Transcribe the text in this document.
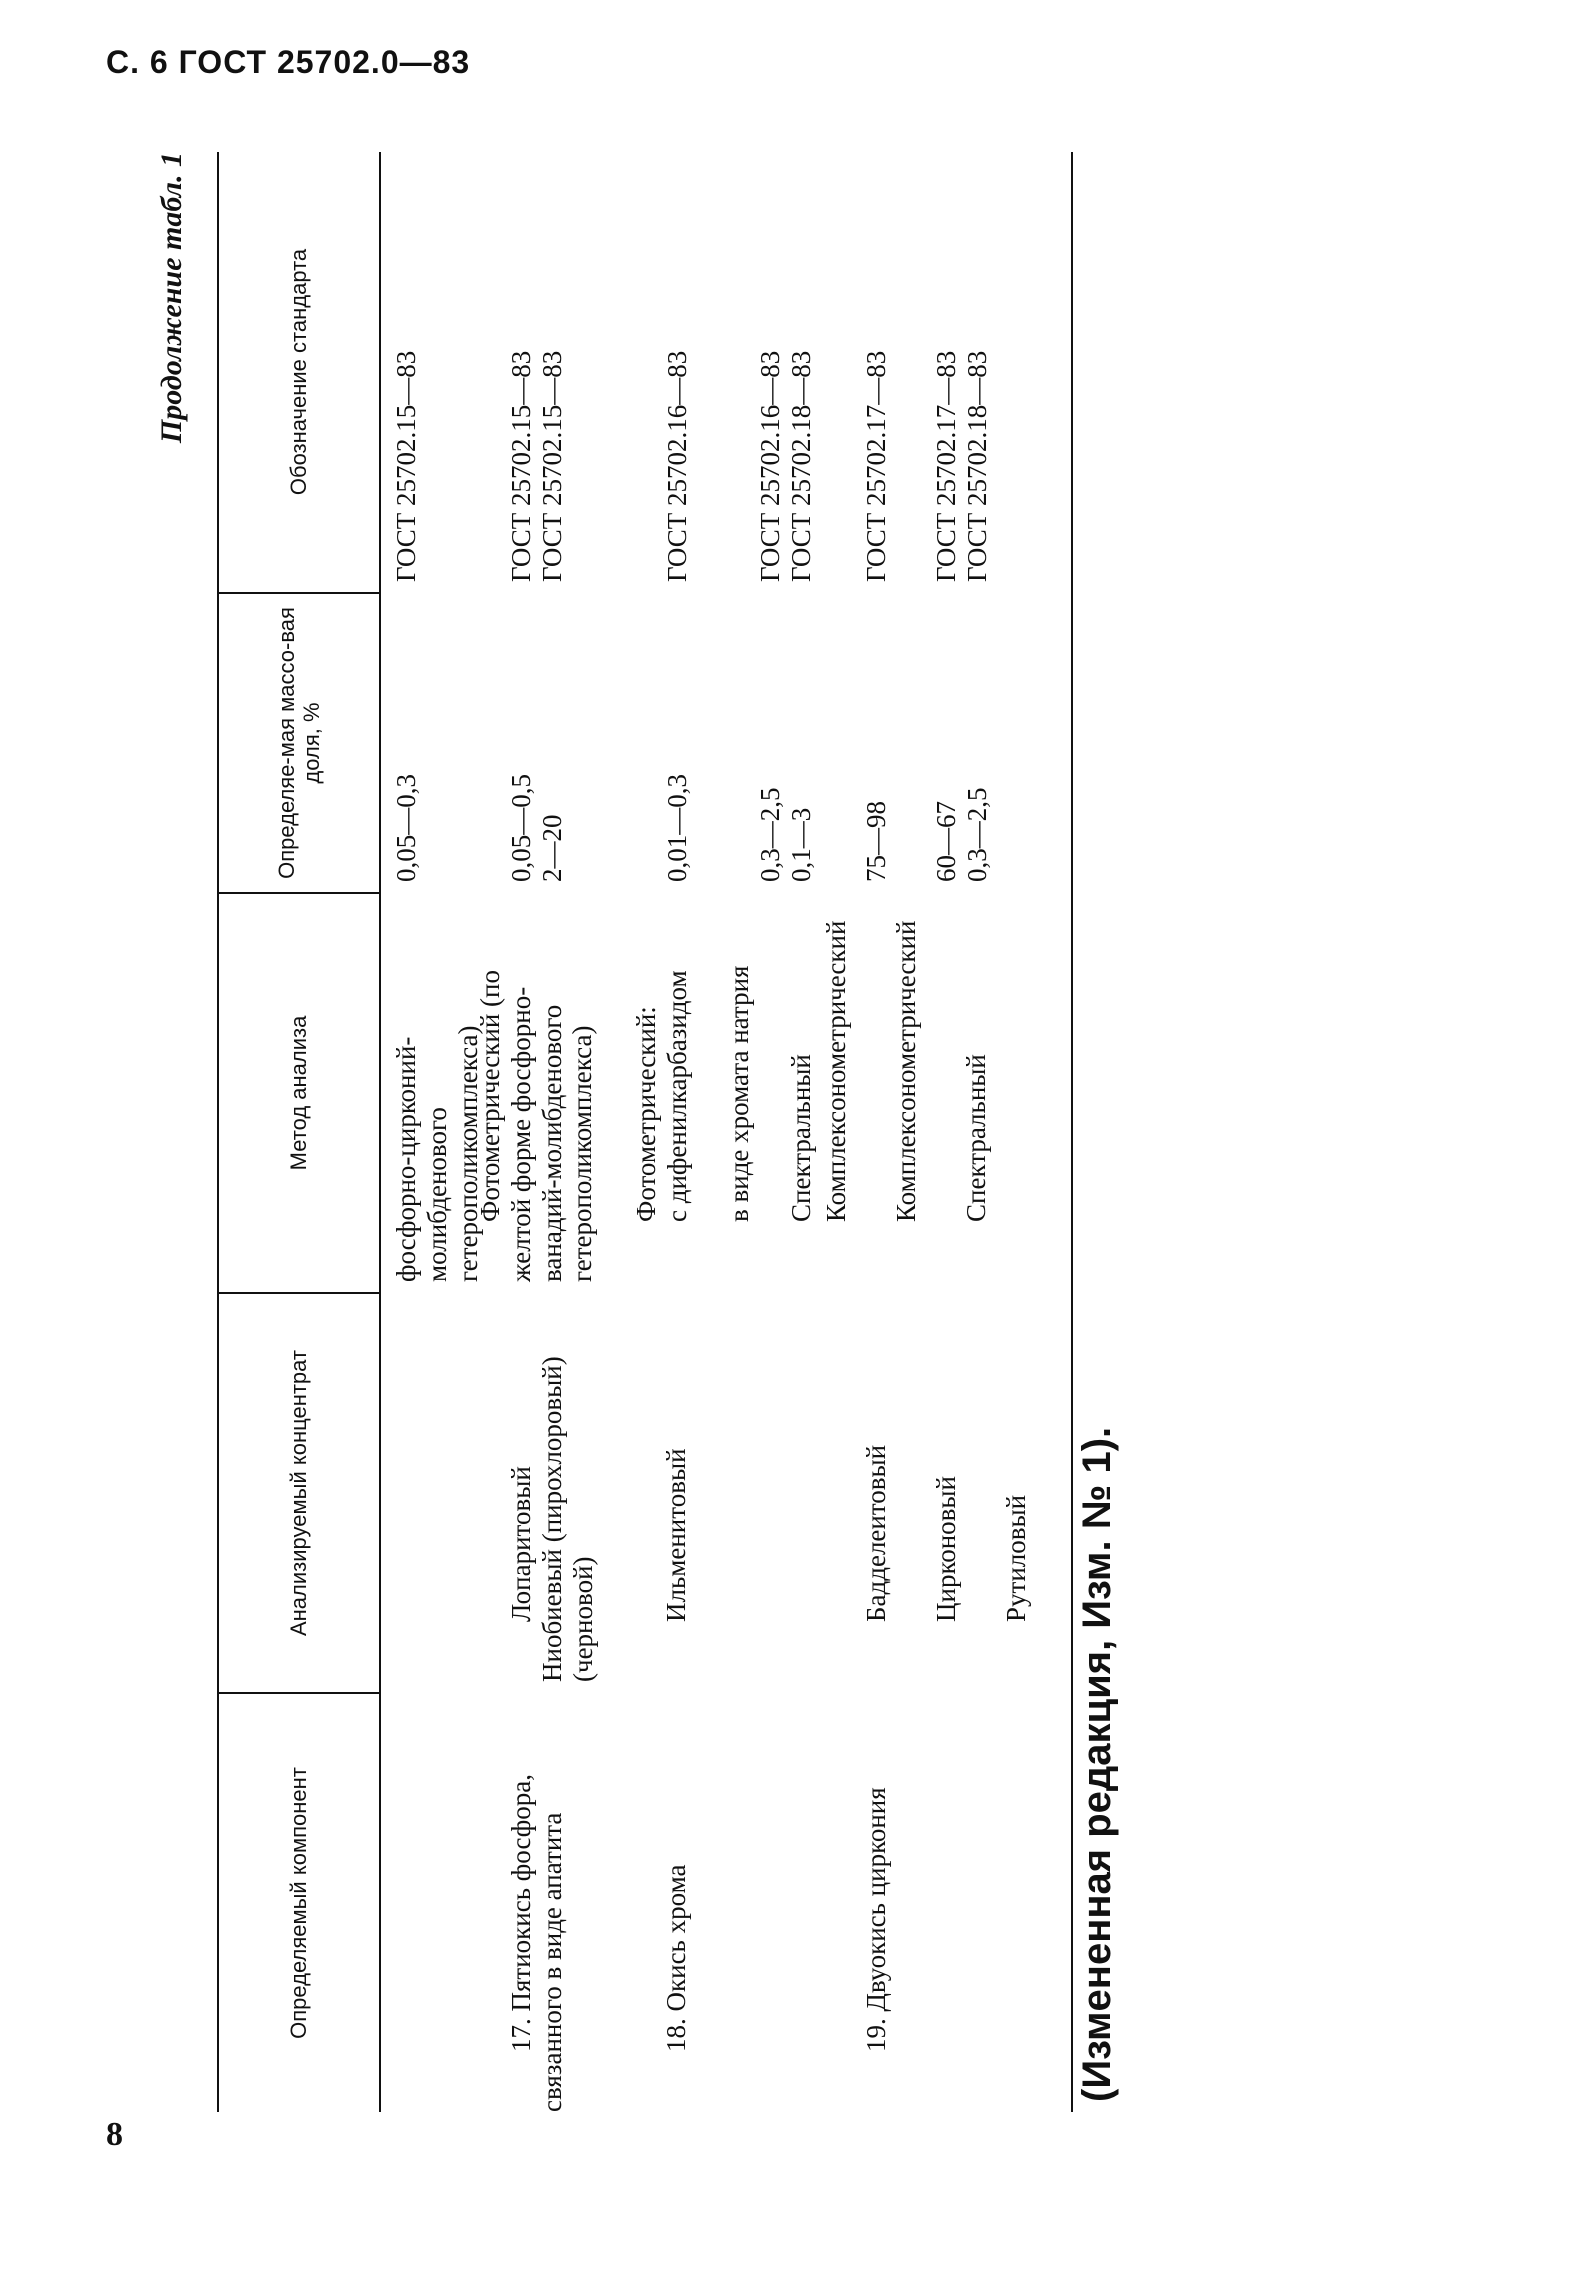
С. 6 ГОСТ 25702.0—83
Продолжение табл. 1
Определяемый компонент
Анализируемый концентрат
Метод анализа
Определяе-мая массо-вая доля, %
Обозначение стандарта
фосфорно-цирконий-молибденового гетерополикомплекса)
0,05—0,3
ГОСТ 25702.15—83
17. Пятиокись фосфора, связанного в виде апатита
Лопаритовый Ниобиевый (пирохлоровый) (черновой)
Фотометрический (по желтой форме фосфорно-ванадий-молибденового гетерополикомплекса)
0,05—0,5 2—20
ГОСТ 25702.15—83 ГОСТ 25702.15—83
18. Окись хрома
Ильменитовый
Фотометрический: с дифенилкарбазидом в виде хромата натрия Спектральный
0,01—0,3 0,3—2,5 0,1—3
ГОСТ 25702.16—83 ГОСТ 25702.16—83 ГОСТ 25702.18—83
19. Двуокись циркония
Бадделеитовый Цирконовый Рутиловый
Комплексонометрический Комплексонометрический Спектральный
75—98 60—67 0,3—2,5
ГОСТ 25702.17—83 ГОСТ 25702.17—83 ГОСТ 25702.18—83
(Измененная редакция, Изм. № 1).
8
